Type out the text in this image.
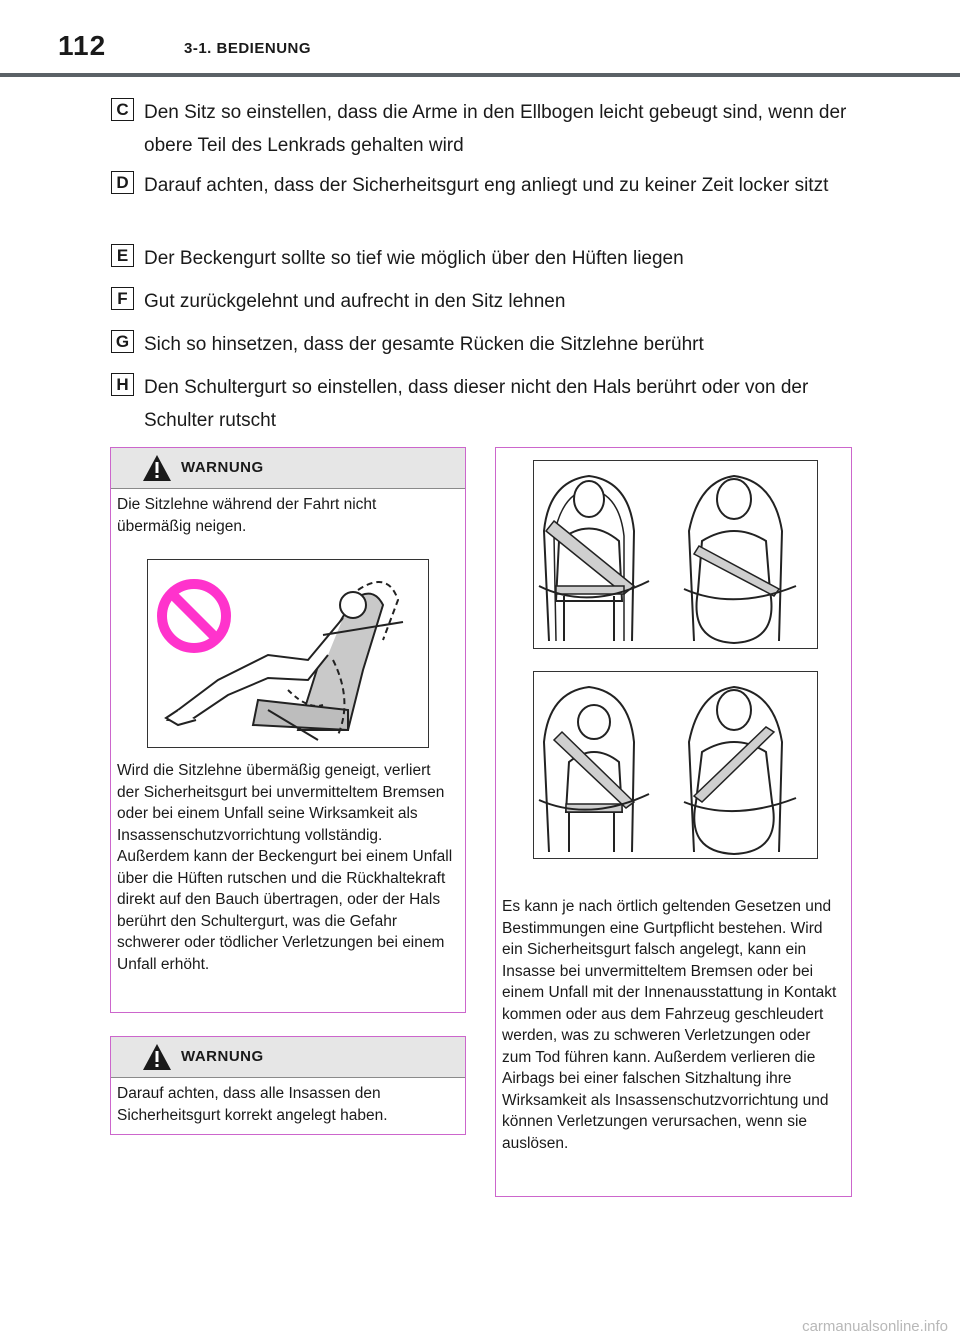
112	3-1. BEDIENUNG
C Den Sitz so einstellen, dass die Arme in den Ellbogen leicht gebeugt sind, wenn der obere Teil des Lenkrads gehalten wird
D Darauf achten, dass der Sicherheitsgurt eng anliegt und zu keiner Zeit locker sitzt
E Der Beckengurt sollte so tief wie möglich über den Hüften liegen
F Gut zurückgelehnt und aufrecht in den Sitz lehnen
G Sich so hinsetzen, dass der gesamte Rücken die Sitzlehne berührt
H Den Schultergurt so einstellen, dass dieser nicht den Hals berührt oder von der Schulter rutscht
WARNUNG
Die Sitzlehne während der Fahrt nicht übermäßig neigen.
Wird die Sitzlehne übermäßig geneigt, verliert der Sicherheitsgurt bei unvermitteltem Bremsen oder bei einem Unfall seine Wirksamkeit als Insassenschutzvorrichtung vollständig. Außerdem kann der Beckengurt bei einem Unfall über die Hüften rutschen und die Rückhaltekraft direkt auf den Bauch übertragen, oder der Hals berührt den Schultergurt, was die Gefahr schwerer oder tödlicher Verletzungen bei einem Unfall erhöht.
WARNUNG
Darauf achten, dass alle Insassen den Sicherheitsgurt korrekt angelegt haben.
Es kann je nach örtlich geltenden Gesetzen und Bestimmungen eine Gurtpflicht bestehen. Wird ein Sicherheitsgurt falsch angelegt, kann ein Insasse bei unvermitteltem Bremsen oder bei einem Unfall mit der Innenausstattung in Kontakt kommen oder aus dem Fahrzeug geschleudert werden, was zu schweren Verletzungen oder zum Tod führen kann. Außerdem verlieren die Airbags bei einer falschen Sitzhaltung ihre Wirksamkeit als Insassenschutzvorrichtung und können Verletzungen verursachen, wenn sie auslösen.
carmanualsonline.info
